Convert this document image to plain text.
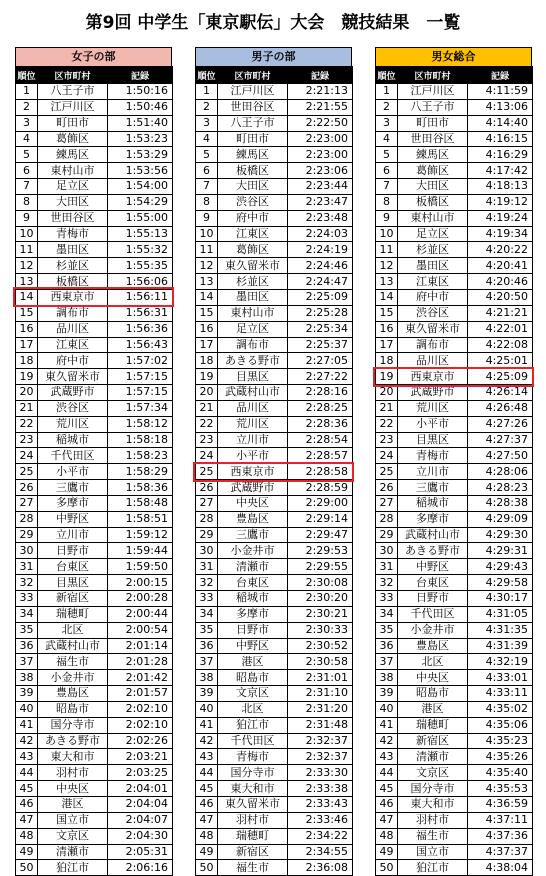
第9回 中学生「東京駅伝」大会　競技結果　一覧
女子の部
順位	区市町村	記録
1	八王子市	1:50:16
2	江戸川区	1:50:46
3	町田市	1:51:40
4	葛飾区	1:53:23
5	練馬区	1:53:29
6	東村山市	1:53:56
7	足立区	1:54:00
8	大田区	1:54:29
9	世田谷区	1:55:00
10	青梅市	1:55:13
11	墨田区	1:55:32
12	杉並区	1:55:35
13	板橋区	1:56:06
14	西東京市	1:56:11
15	調布市	1:56:31
16	品川区	1:56:36
17	江東区	1:56:43
18	府中市	1:57:02
19	東久留米市	1:57:15
20	武蔵野市	1:57:15
21	渋谷区	1:57:34
22	荒川区	1:58:12
23	稲城市	1:58:18
24	千代田区	1:58:23
25	小平市	1:58:29
26	三鷹市	1:58:36
27	多摩市	1:58:48
28	中野区	1:58:51
29	立川市	1:59:12
30	日野市	1:59:44
31	台東区	1:59:50
32	目黒区	2:00:15
33	新宿区	2:00:28
34	瑞穂町	2:00:44
35	北区	2:00:54
36	武蔵村山市	2:01:14
37	福生市	2:01:28
38	小金井市	2:01:42
39	豊島区	2:01:57
40	昭島市	2:02:10
41	国分寺市	2:02:10
42	あきる野市	2:02:26
43	東大和市	2:03:21
44	羽村市	2:03:25
45	中央区	2:04:01
46	港区	2:04:04
47	国立市	2:04:07
48	文京区	2:04:30
49	清瀬市	2:05:31
50	狛江市	2:06:16
男子の部
順位	区市町村	記録
1	江戸川区	2:21:13
2	世田谷区	2:21:55
3	八王子市	2:22:50
4	町田市	2:23:00
5	練馬区	2:23:00
6	板橋区	2:23:06
7	大田区	2:23:44
8	渋谷区	2:23:47
9	府中市	2:23:48
10	江東区	2:24:03
11	葛飾区	2:24:19
12	東久留米市	2:24:46
13	杉並区	2:24:47
14	墨田区	2:25:09
15	東村山市	2:25:28
16	足立区	2:25:34
17	調布市	2:25:37
18	あきる野市	2:27:05
19	目黒区	2:27:22
20	武蔵村山市	2:28:16
21	品川区	2:28:25
22	荒川区	2:28:36
23	立川市	2:28:54
24	小平市	2:28:57
25	西東京市	2:28:58
26	武蔵野市	2:28:59
27	中央区	2:29:00
28	豊島区	2:29:14
29	三鷹市	2:29:47
30	小金井市	2:29:53
31	清瀬市	2:29:55
32	台東区	2:30:08
33	稲城市	2:30:20
34	多摩市	2:30:21
35	日野市	2:30:33
36	中野区	2:30:52
37	港区	2:30:58
38	昭島市	2:31:01
39	文京区	2:31:10
40	北区	2:31:20
41	狛江市	2:31:48
42	千代田区	2:32:37
43	青梅市	2:32:37
44	国分寺市	2:33:30
45	東大和市	2:33:38
46	東久留米市	2:33:43
47	羽村市	2:33:46
48	瑞穂町	2:34:22
49	新宿区	2:34:55
50	福生市	2:36:08
男女総合
順位	区市町村	記録
1	江戸川区	4:11:59
2	八王子市	4:13:06
3	町田市	4:14:40
4	世田谷区	4:16:15
5	練馬区	4:16:29
6	葛飾区	4:17:42
7	大田区	4:18:13
8	板橋区	4:19:12
9	東村山市	4:19:24
10	足立区	4:19:34
11	杉並区	4:20:22
12	墨田区	4:20:41
13	江東区	4:20:46
14	府中市	4:20:50
15	渋谷区	4:21:21
16	東久留米市	4:22:01
17	調布市	4:22:08
18	品川区	4:25:01
19	西東京市	4:25:09
20	武蔵野市	4:26:14
21	荒川区	4:26:48
22	小平市	4:27:26
23	目黒区	4:27:37
24	青梅市	4:27:50
25	立川市	4:28:06
26	三鷹市	4:28:23
27	稲城市	4:28:38
28	多摩市	4:29:09
29	武蔵村山市	4:29:30
30	あきる野市	4:29:31
31	中野区	4:29:43
32	台東区	4:29:58
33	日野市	4:30:17
34	千代田区	4:31:05
35	小金井市	4:31:35
36	豊島区	4:31:39
37	北区	4:32:19
38	中央区	4:33:01
39	昭島市	4:33:11
40	港区	4:35:02
41	瑞穂町	4:35:06
42	新宿区	4:35:23
43	清瀬市	4:35:26
44	文京区	4:35:40
45	国分寺市	4:35:53
46	東大和市	4:36:59
47	羽村市	4:37:11
48	福生市	4:37:36
49	国立市	4:37:37
50	狛江市	4:38:04
